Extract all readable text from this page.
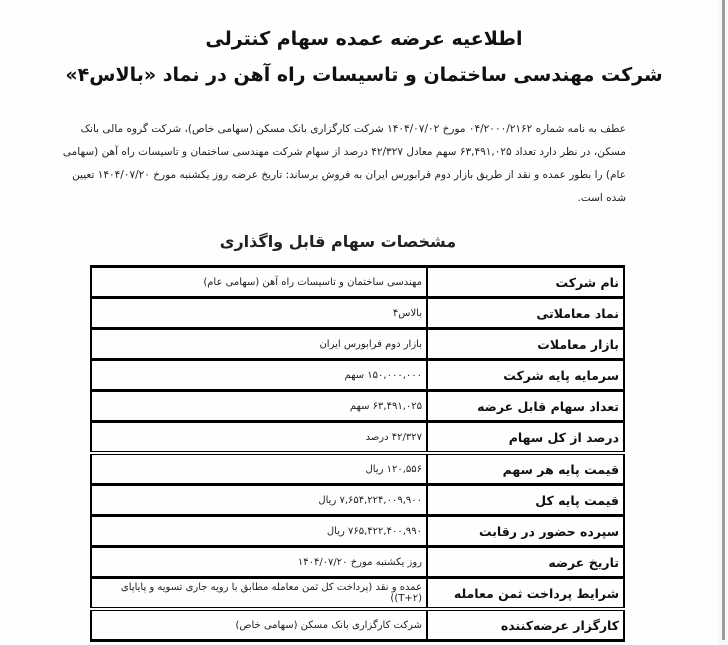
اطلاعیه عرضه عمده سهام کنترلی
شرکت مهندسی ساختمان و تاسیسات راه آهن در نماد «بالاس۴»
عطف به نامه شماره ۰۴/۲۰۰۰/۲۱۶۲ مورخ ۱۴۰۴/۰۷/۰۲ شرکت کارگزاری بانک مسکن (سهامی خاص)، شرکت گروه مالی بانک مسکن، در نظر دارد تعداد ۶۳,۴۹۱,۰۲۵ سهم معادل ۴۲/۳۲۷ درصد از سهام شرکت مهندسی ساختمان و تاسیسات راه آهن (سهامی عام) را بطور عمده و نقد از طریق بازار دوم فرابورس ایران به فروش برساند: تاریخ عرضه روز یکشنبه مورخ ۱۴۰۴/۰۷/۲۰ تعیین شده است.
مشخصات سهام قابل واگذاری
نام شرکت	مهندسی ساختمان و تاسیسات راه آهن (سهامی عام)
نماد معاملاتی	بالاس۴
بازار معاملات	بازار دوم فرابورس ایران
سرمایه پایه شرکت	۱۵۰,۰۰۰,۰۰۰ سهم
تعداد سهام قابل عرضه	۶۳,۴۹۱,۰۲۵ سهم
درصد از کل سهام	۴۲/۳۲۷ درصد
قیمت پایه هر سهم	۱۲۰,۵۵۶ ریال
قیمت پایه کل	۷,۶۵۴,۲۲۴,۰۰۹,۹۰۰ ریال
سپرده حضور در رقابت	۷۶۵,۴۲۲,۴۰۰,۹۹۰ ریال
تاریخ عرضه	روز یکشنبه مورخ ۱۴۰۴/۰۷/۲۰
شرایط پرداخت ثمن معامله	عمده و نقد (پرداخت کل ثمن معامله مطابق با رویه جاری تسویه و پایاپای (T+۲))
کارگزار عرضه‌کننده	شرکت کارگزاری بانک مسکن (سهامی خاص)
